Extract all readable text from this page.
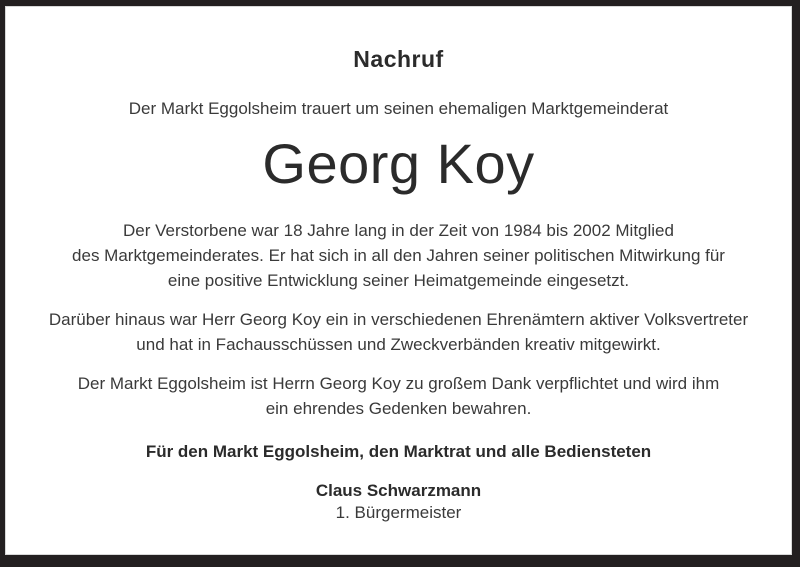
Nachruf
Der Markt Eggolsheim trauert um seinen ehemaligen Marktgemeinderat
Georg Koy
Der Verstorbene war 18 Jahre lang in der Zeit von 1984 bis 2002 Mitglied
des Marktgemeinderates. Er hat sich in all den Jahren seiner politischen Mitwirkung für
eine positive Entwicklung seiner Heimatgemeinde eingesetzt.
Darüber hinaus war Herr Georg Koy ein in verschiedenen Ehrenämtern aktiver Volksvertreter
und hat in Fachausschüssen und Zweckverbänden kreativ mitgewirkt.
Der Markt Eggolsheim ist Herrn Georg Koy zu großem Dank verpflichtet und wird ihm
ein ehrendes Gedenken bewahren.
Für den Markt Eggolsheim, den Marktrat und alle Bediensteten
Claus Schwarzmann
1. Bürgermeister
